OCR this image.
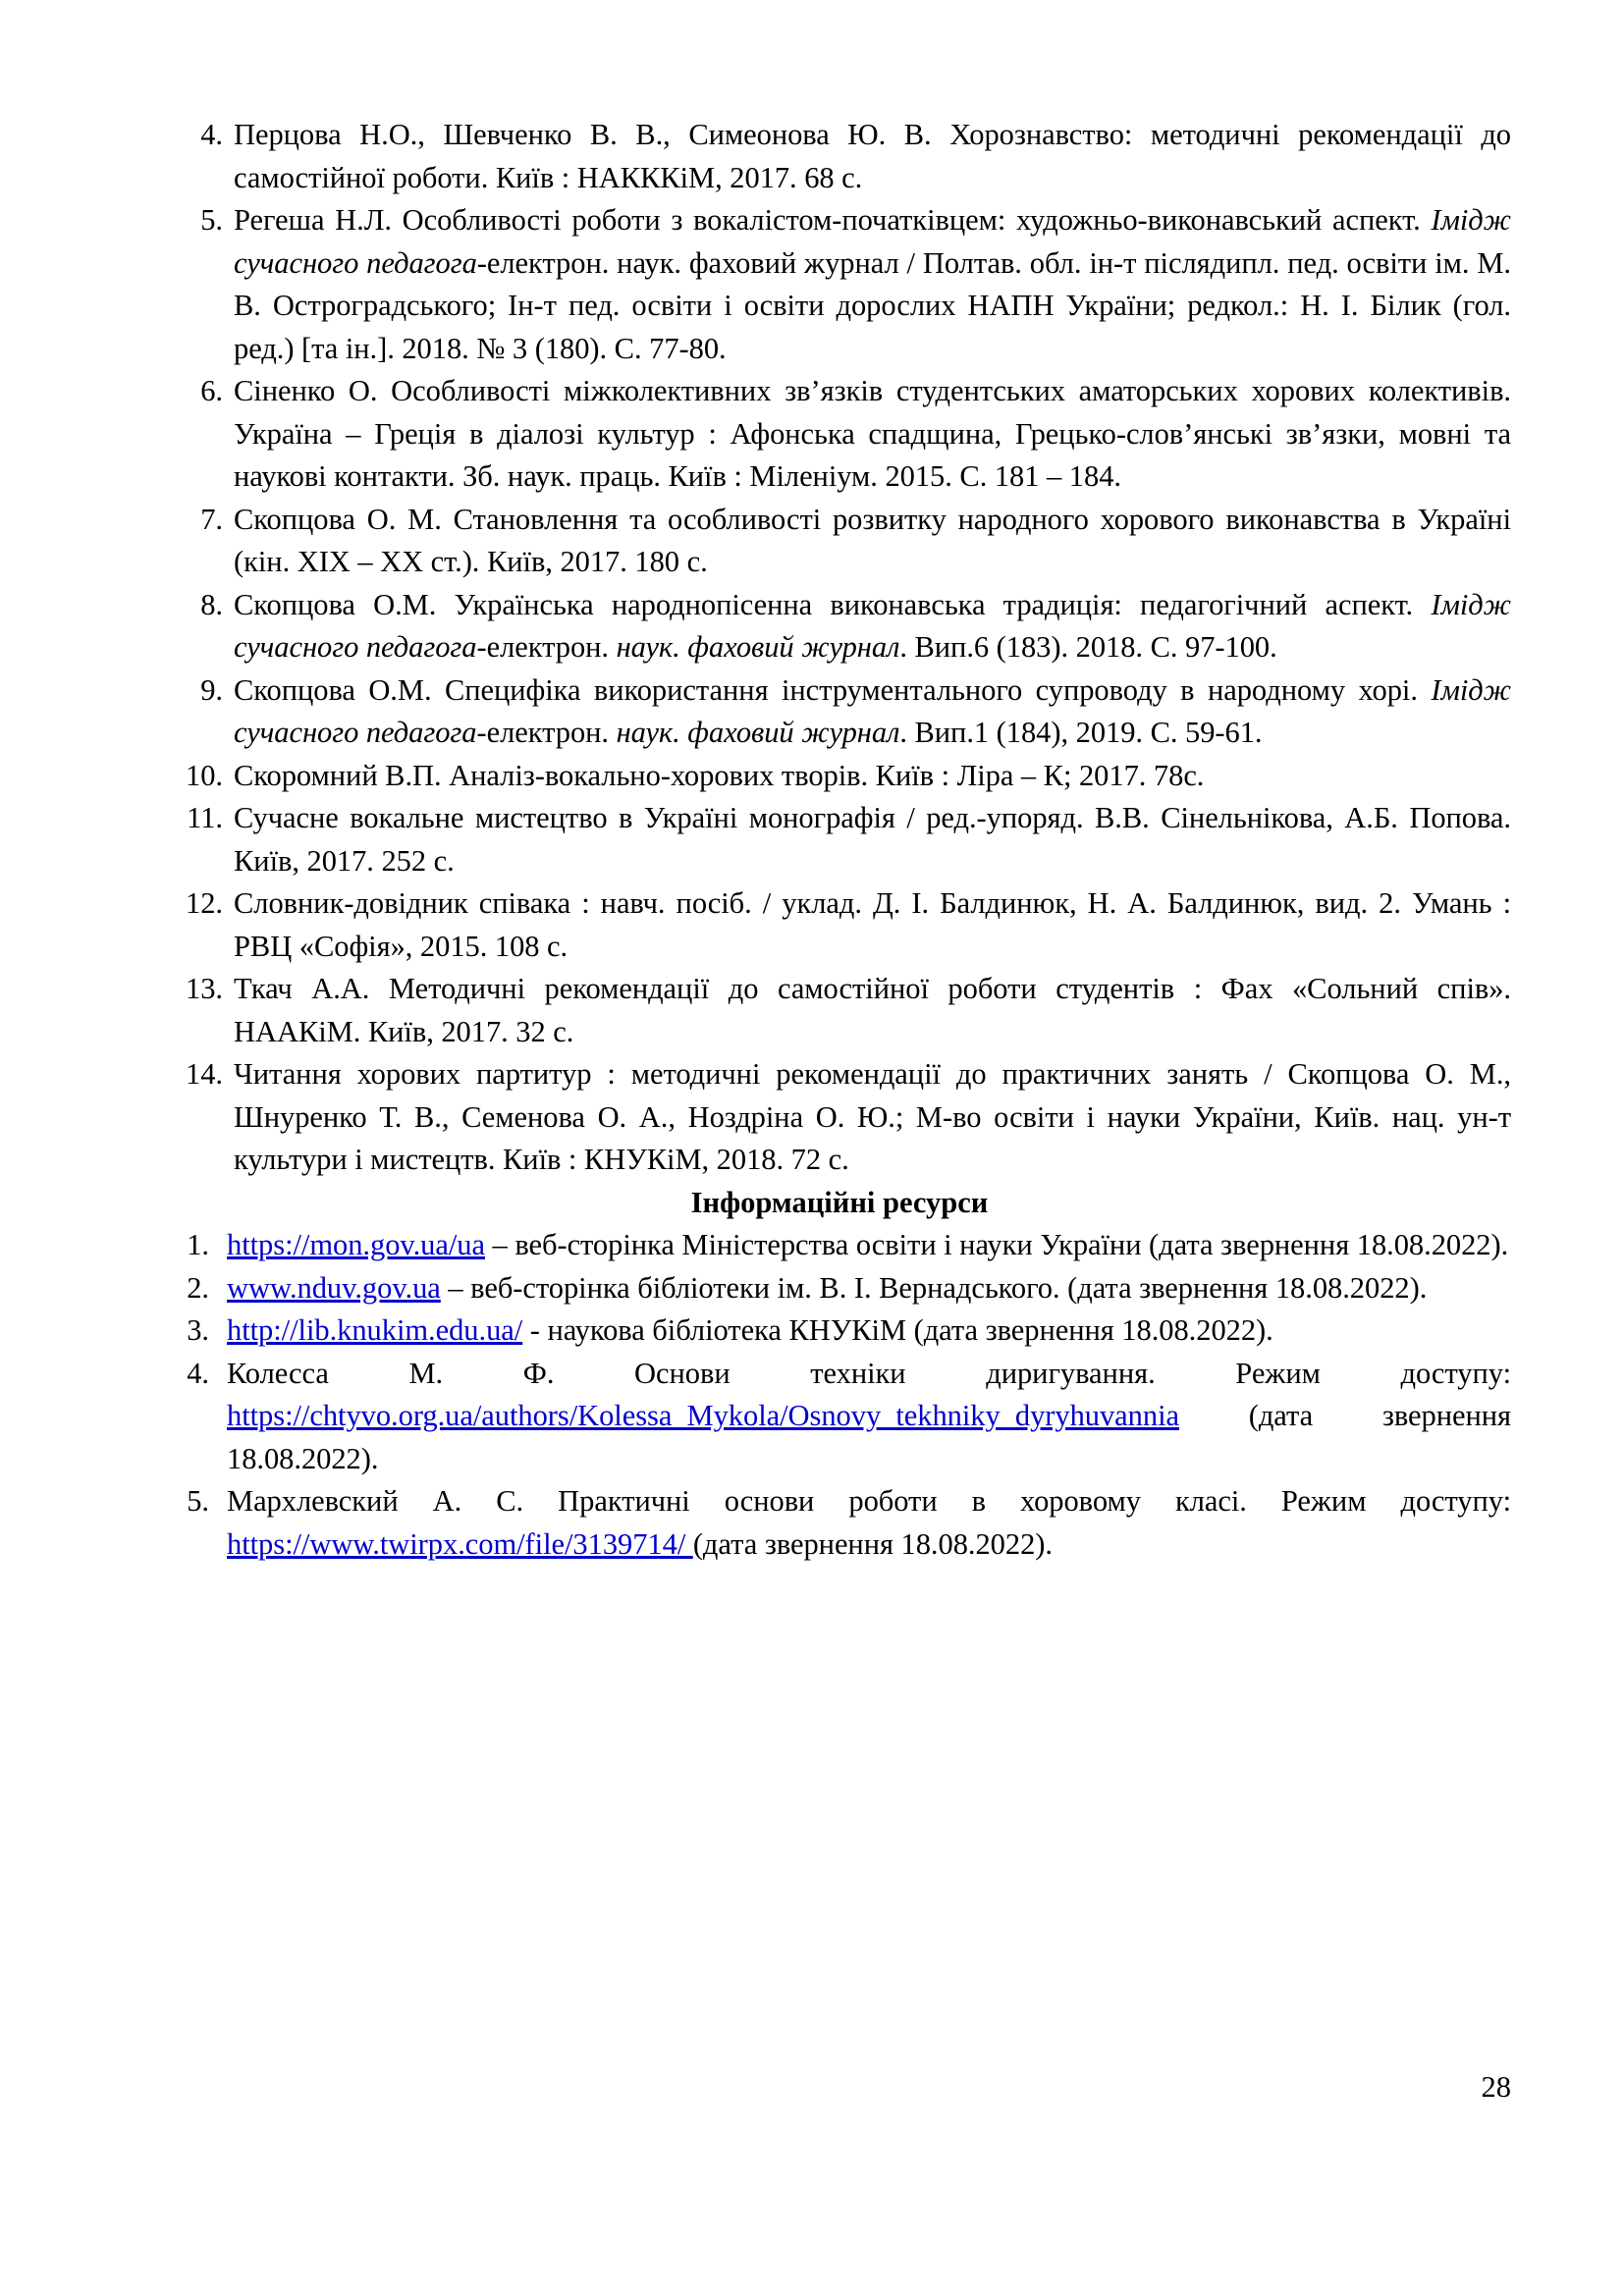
4. Перцова Н.О., Шевченко В. В., Симеонова Ю. В. Хорознавство: методичні рекомендації до самостійної роботи. Київ : НАКККіМ, 2017. 68 с.
5. Регеша Н.Л. Особливості роботи з вокалістом-початківцем: художньо-виконавський аспект. Імідж сучасного педагога-електрон. наук. фаховий журнал / Полтав. обл. ін-т післядипл. пед. освіти ім. М. В. Остроградського; Ін-т пед. освіти і освіти дорослих НАПН України; редкол.: Н. І. Білик (гол. ред.) [та ін.]. 2018. № 3 (180). С. 77-80.
6. Сіненко О. Особливості міжколективних зв’язків студентських аматорських хорових колективів. Україна – Греція в діалозі культур : Афонська спадщина, Грецько-слов’янські зв’язки, мовні та наукові контакти. Зб. наук. праць. Київ : Міленіум. 2015. С. 181 – 184.
7. Скопцова О. М. Становлення та особливості розвитку народного хорового виконавства в Україні (кін. XIX – XX ст.). Київ, 2017. 180 с.
8. Скопцова О.М. Українська народнопісенна виконавська традиція: педагогічний аспект. Імідж сучасного педагога-електрон. наук. фаховий журнал. Вип.6 (183). 2018. С. 97-100.
9. Скопцова О.М. Специфіка використання інструментального супроводу в народному хорі. Імідж сучасного педагога-електрон. наук. фаховий журнал. Вип.1 (184), 2019. С. 59-61.
10. Скоромний В.П. Аналіз-вокально-хорових творів. Київ : Ліра – К; 2017. 78с.
11. Сучасне вокальне мистецтво в Україні монографія / ред.-упоряд. В.В. Сінельнікова, А.Б. Попова. Київ, 2017. 252 с.
12. Словник-довідник співака : навч. посіб. / уклад. Д. І. Балдинюк, Н. А. Балдинюк, вид. 2. Умань : РВЦ «Софія», 2015. 108 с.
13. Ткач А.А. Методичні рекомендації до самостійної роботи студентів : Фах «Сольний спів». НААКіМ. Київ, 2017. 32 с.
14. Читання хорових партитур : методичні рекомендації до практичних занять / Скопцова О. М., Шнуренко Т. В., Семенова О. А., Ноздріна О. Ю.; М-во освіти і науки України, Київ. нац. ун-т культури і мистецтв. Київ : КНУКіМ, 2018. 72 с.
Інформаційні ресурси
1. https://mon.gov.ua/ua – веб-сторінка Міністерства освіти і науки України (дата звернення 18.08.2022).
2. www.nduv.gov.ua – веб-сторінка бібліотеки ім. В. І. Вернадського. (дата звернення 18.08.2022).
3. http://lib.knukim.edu.ua/ - наукова бібліотека КНУКіМ (дата звернення 18.08.2022).
4. Колесса М. Ф. Основи техніки диригування. Режим доступу: https://chtyvo.org.ua/authors/Kolessa_Mykola/Osnovy_tekhniky_dyryhuvannia (дата звернення 18.08.2022).
5. Мархлевский А. С. Практичні основи роботи в хоровому класі. Режим доступу: https://www.twirpx.com/file/3139714/ (дата звернення 18.08.2022).
28
